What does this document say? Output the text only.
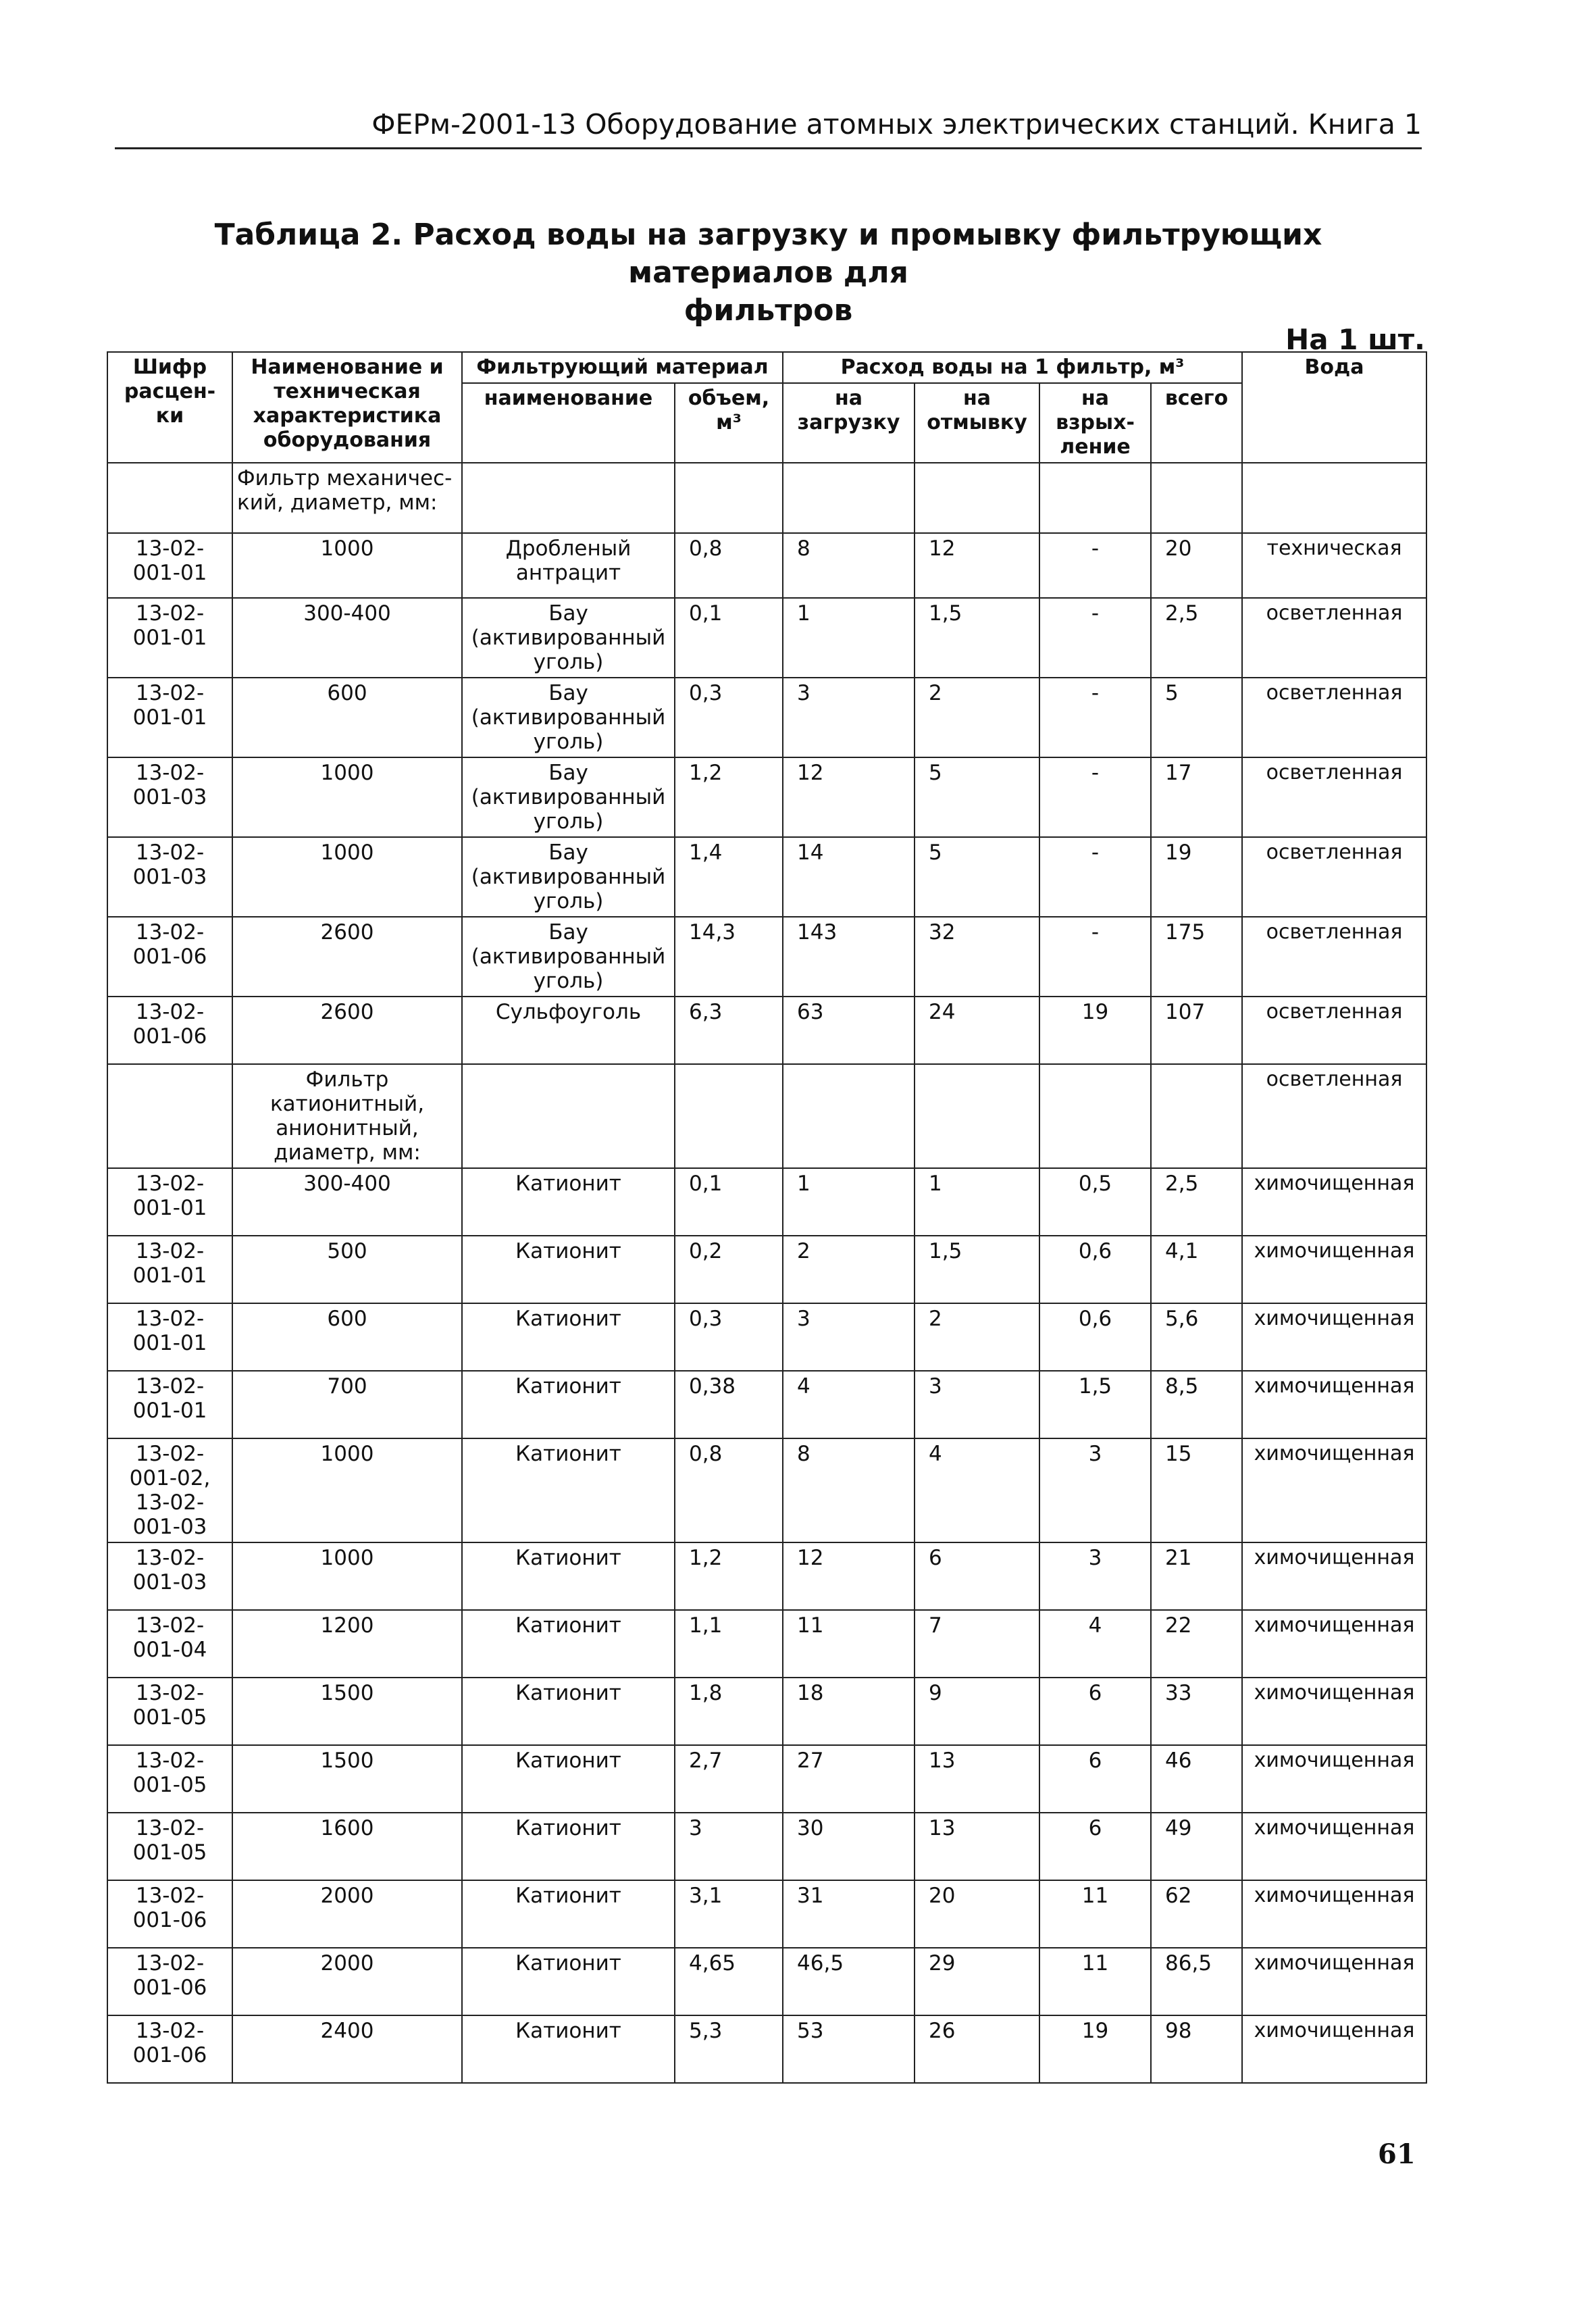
ФЕРм-2001-13 Оборудование атомных электрических станций. Книга 1
Таблица 2. Расход воды на загрузку и промывку фильтрующих материалов для
фильтров
На 1 шт.
Шифр расцен-ки	Наименование и техническая характеристика оборудования	Фильтрующий материал		Расход воды на 1 фильтр, м³				Вода
		наименование	объем, м³	на загрузку	на отмывку	на взрых-ление	всего	
	Фильтр механичес-кий, диаметр, мм:							
13-02-001-01	1000	Дробленый антрацит	0,8	8	12	-	20	техническая
13-02-001-01	300-400	Бау (активированный уголь)	0,1	1	1,5	-	2,5	осветленная
13-02-001-01	600	Бау (активированный уголь)	0,3	3	2	-	5	осветленная
13-02-001-03	1000	Бау (активированный уголь)	1,2	12	5	-	17	осветленная
13-02-001-03	1000	Бау (активированный уголь)	1,4	14	5	-	19	осветленная
13-02-001-06	2600	Бау (активированный уголь)	14,3	143	32	-	175	осветленная
13-02-001-06	2600	Сульфоуголь	6,3	63	24	19	107	осветленная
	Фильтр катионитный, анионитный, диаметр, мм:							осветленная
13-02-001-01	300-400	Катионит	0,1	1	1	0,5	2,5	химочищенная
13-02-001-01	500	Катионит	0,2	2	1,5	0,6	4,1	химочищенная
13-02-001-01	600	Катионит	0,3	3	2	0,6	5,6	химочищенная
13-02-001-01	700	Катионит	0,38	4	3	1,5	8,5	химочищенная
13-02-001-02, 13-02-001-03	1000	Катионит	0,8	8	4	3	15	химочищенная
13-02-001-03	1000	Катионит	1,2	12	6	3	21	химочищенная
13-02-001-04	1200	Катионит	1,1	11	7	4	22	химочищенная
13-02-001-05	1500	Катионит	1,8	18	9	6	33	химочищенная
13-02-001-05	1500	Катионит	2,7	27	13	6	46	химочищенная
13-02-001-05	1600	Катионит	3	30	13	6	49	химочищенная
13-02-001-06	2000	Катионит	3,1	31	20	11	62	химочищенная
13-02-001-06	2000	Катионит	4,65	46,5	29	11	86,5	химочищенная
13-02-001-06	2400	Катионит	5,3	53	26	19	98	химочищенная
61
